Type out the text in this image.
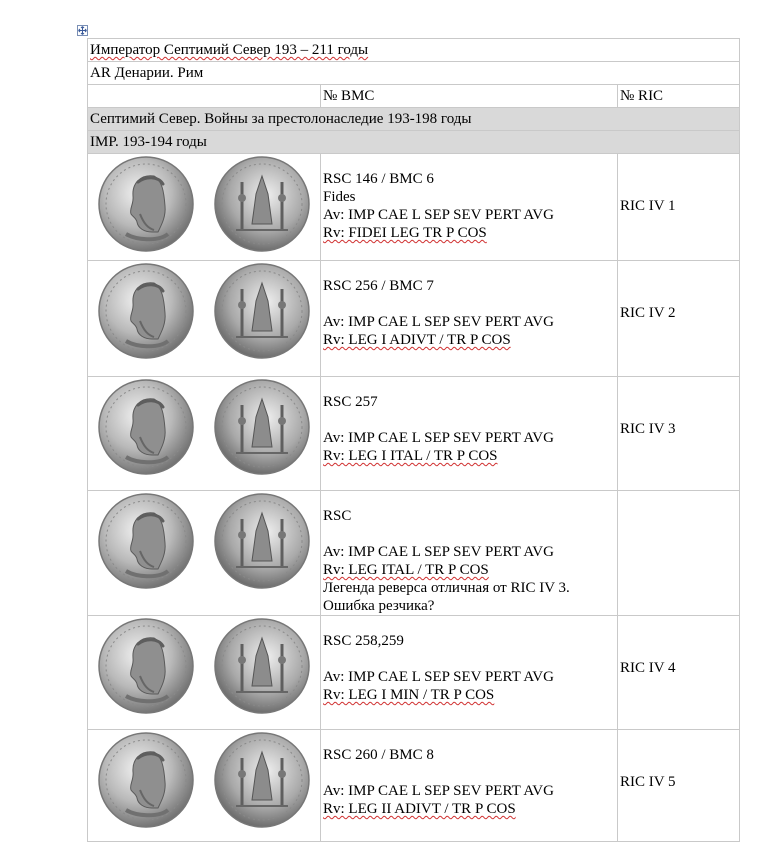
Император Септимий Север 193 – 211 годы		
AR Денарии. Рим		
	№ BMC	№ RIC
Септимий Север. Войны за престолонаследие 193-198 годы		
IMP. 193-194 годы		

RSC 146 / BMC 6
Fides
Av: IMP CAE L SEP SEV PERT AVG
Rv: FIDEI LEG TR P COS	RIC IV 1

RSC 256 / BMC 7

Av: IMP CAE L SEP SEV PERT AVG
Rv: LEG I ADIVT / TR P COS	RIC IV 2

RSC 257

Av: IMP CAE L SEP SEV PERT AVG
Rv: LEG I ITAL / TR P COS	RIC IV 3

RSC

Av: IMP CAE L SEP SEV PERT AVG
Rv: LEG ITAL / TR P COS
Легенда реверса отличная от RIC IV 3. Ошибка резчика?	

RSC 258,259

Av: IMP CAE L SEP SEV PERT AVG
Rv: LEG I MIN / TR P COS	RIC IV 4

RSC 260 / BMC 8

Av: IMP CAE L SEP SEV PERT AVG
Rv: LEG II ADIVT / TR P COS	RIC IV 5
